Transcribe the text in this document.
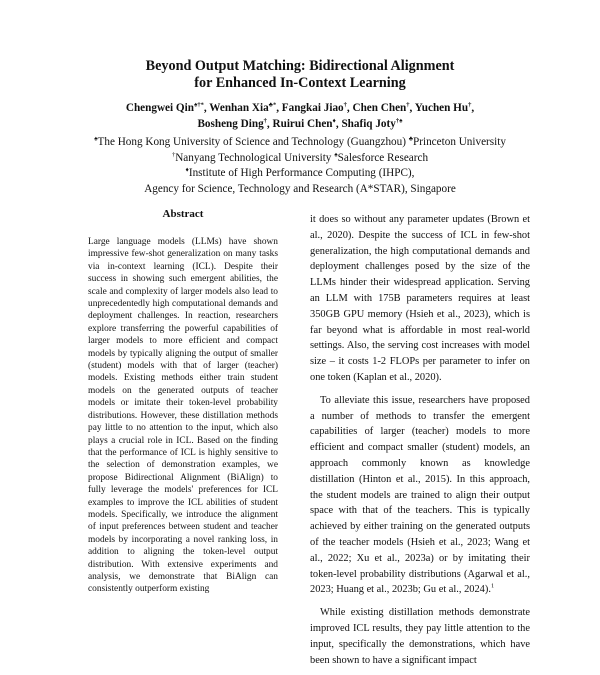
Beyond Output Matching: Bidirectional Alignment
for Enhanced In-Context Learning
Chengwei Qin♠†*, Wenhan Xia♣*, Fangkai Jiao†, Chen Chen†, Yuchen Hu†,
Bosheng Ding†, Ruirui Chen♦, Shafiq Joty†♠
♠The Hong Kong University of Science and Technology (Guangzhou) ♣Princeton University
†Nanyang Technological University ♠Salesforce Research
♦Institute of High Performance Computing (IHPC),
Agency for Science, Technology and Research (A*STAR), Singapore
Abstract

Large language models (LLMs) have shown impressive few-shot generalization on many tasks via in-context learning (ICL). Despite their success in showing such emergent abilities, the scale and complexity of larger models also lead to unprecedentedly high computational demands and deployment challenges. In reaction, researchers explore transferring the powerful capabilities of larger models to more efficient and compact models by typically aligning the output of smaller (student) models with that of larger (teacher) models. Existing methods either train student models on the generated outputs of teacher models or imitate their token-level probability distributions. However, these distillation methods pay little to no attention to the input, which also plays a crucial role in ICL. Based on the finding that the performance of ICL is highly sensitive to the selection of demonstration examples, we propose Bidirectional Alignment (BiAlign) to fully leverage the models' preferences for ICL examples to improve the ICL abilities of student models. Specifically, we introduce the alignment of input preferences between student and teacher models by incorporating a novel ranking loss, in addition to aligning the token-level output distribution. With extensive experiments and analysis, we demonstrate that BiAlign can consistently outperform existing

it does so without any parameter updates (Brown et al., 2020). Despite the success of ICL in few-shot generalization, the high computational demands and deployment challenges posed by the size of the LLMs hinder their widespread application. Serving an LLM with 175B parameters requires at least 350GB GPU memory (Hsieh et al., 2023), which is far beyond what is affordable in most real-world settings. Also, the serving cost increases with model size – it costs 1-2 FLOPs per parameter to infer on one token (Kaplan et al., 2020).

To alleviate this issue, researchers have proposed a number of methods to transfer the emergent capabilities of larger (teacher) models to more efficient and compact smaller (student) models, an approach commonly known as knowledge distillation (Hinton et al., 2015). In this approach, the student models are trained to align their output space with that of the teachers. This is typically achieved by either training on the generated outputs of the teacher models (Hsieh et al., 2023; Wang et al., 2022; Xu et al., 2023a) or by imitating their token-level probability distributions (Agarwal et al., 2023; Huang et al., 2023b; Gu et al., 2024).$^1$

While existing distillation methods demonstrate improved ICL results, they pay little attention to the input, specifically the demonstrations, which have been shown to have a significant impact
